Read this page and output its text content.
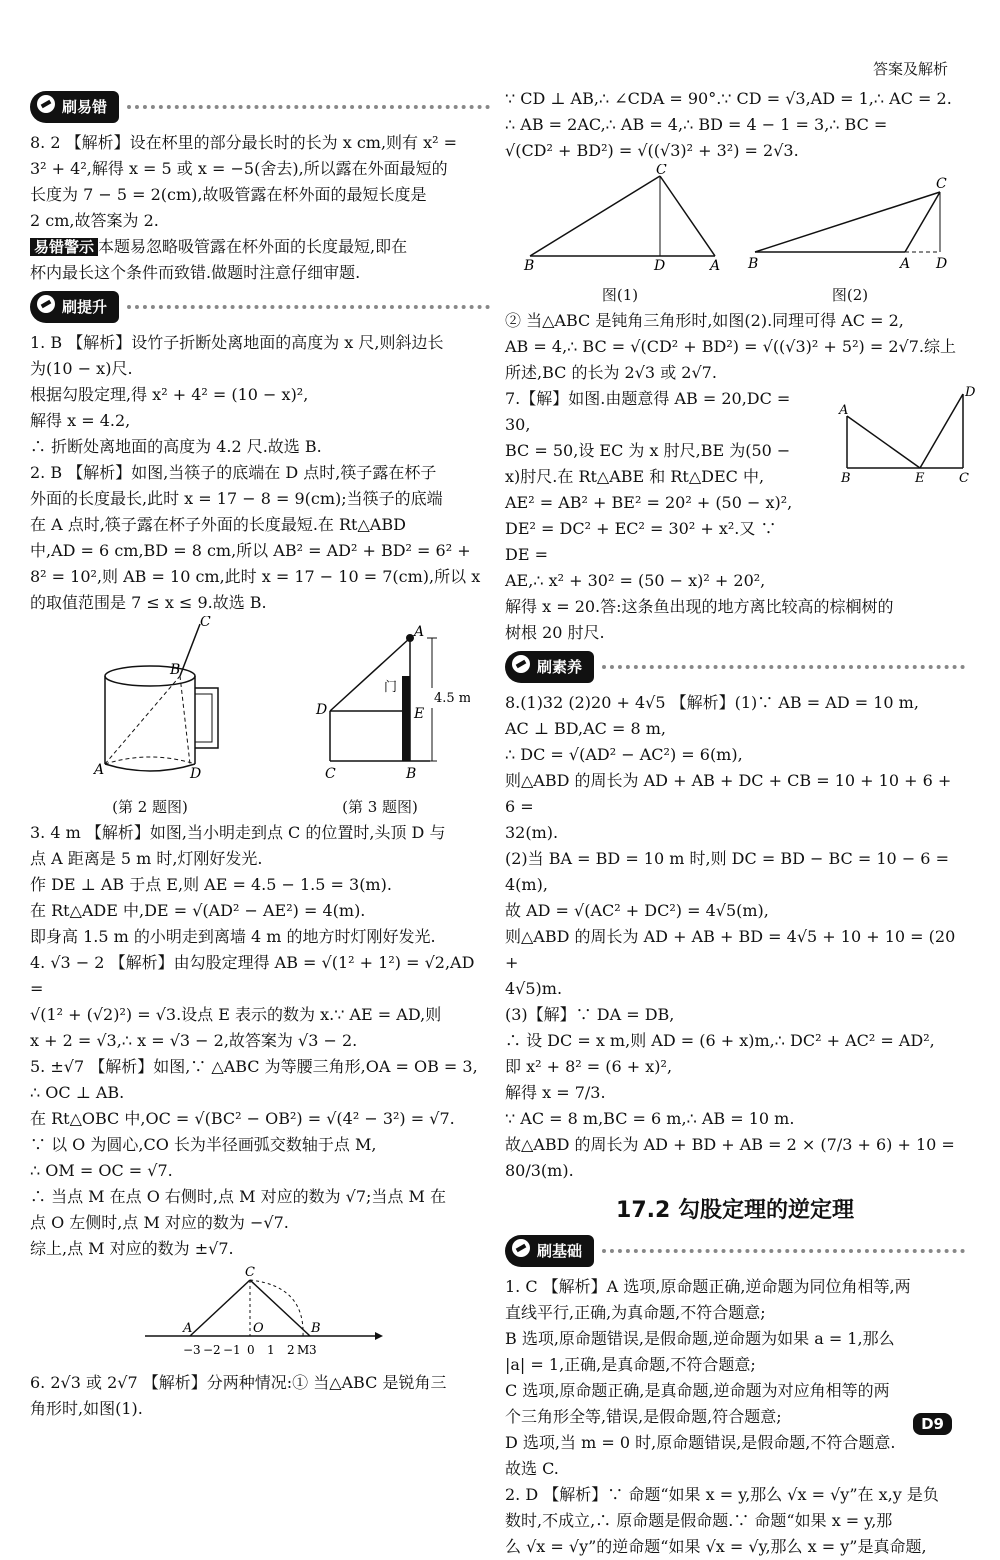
答案及解析
刷易错

8. 2 【解析】设在杯里的部分最长时的长为 x cm,则有 x² =

3² + 4²,解得 x = 5 或 x = −5(舍去),所以露在外面最短的

长度为 7 − 5 = 2(cm),故吸管露在杯外面的最短长度是

2 cm,故答案为 2.

易错警示 本题易忽略吸管露在杯外面的长度最短,即在

杯内最长这个条件而致错.做题时注意仔细审题.

刷提升

1. B 【解析】设竹子折断处离地面的高度为 x 尺,则斜边长

为(10 − x)尺.

根据勾股定理,得 x² + 4² = (10 − x)²,

解得 x = 4.2,

∴ 折断处离地面的高度为 4.2 尺.故选 B.

2. B 【解析】如图,当筷子的底端在 D 点时,筷子露在杯子

外面的长度最长,此时 x = 17 − 8 = 9(cm);当筷子的底端

在 A 点时,筷子露在杯子外面的长度最短.在 Rt△ABD

中,AD = 6 cm,BD = 8 cm,所以 AB² = AD² + BD² = 6² +

8² = 10²,则 AB = 10 cm,此时 x = 17 − 10 = 7(cm),所以 x

的取值范围是 7 ≤ x ≤ 9.故选 B.

C
B
A	D
(第 2 题图)
4.5 m
门
A
D	E
C	B
(第 3 题图)

3. 4 m 【解析】如图,当小明走到点 C 的位置时,头顶 D 与

点 A 距离是 5 m 时,灯刚好发光.

作 DE ⊥ AB 于点 E,则 AE = 4.5 − 1.5 = 3(m).

在 Rt△ADE 中,DE = √(AD² − AE²) = 4(m).

即身高 1.5 m 的小明走到离墙 4 m 的地方时灯刚好发光.

4. √3 − 2 【解析】由勾股定理得 AB = √(1² + 1²) = √2,AD =

√(1² + (√2)²) = √3.设点 E 表示的数为 x.∵ AE = AD,则

x + 2 = √3,∴ x = √3 − 2,故答案为 √3 − 2.

5. ±√7 【解析】如图,∵ △ABC 为等腰三角形,OA = OB = 3,

∴ OC ⊥ AB.

在 Rt△OBC 中,OC = √(BC² − OB²) = √(4² − 3²) = √7.

∵ 以 O 为圆心,CO 长为半径画弧交数轴于点 M,

∴ OM = OC = √7.

∴ 当点 M 在点 O 右侧时,点 M 对应的数为 √7;当点 M 在

点 O 左侧时,点 M 对应的数为 −√7.

综上,点 M 对应的数为 ±√7.

C
A	O	B
−3 −2 −1 0 1 2 M 3

6. 2√3 或 2√7 【解析】分两种情况:① 当△ABC 是锐角三

角形时,如图(1).

∵ CD ⊥ AB,∴ ∠CDA = 90°.∵ CD = √3,AD = 1,∴ AC = 2.

∴ AB = 2AC,∴ AB = 4,∴ BD = 4 − 1 = 3,∴ BC =

√(CD² + BD²) = √((√3)² + 3²) = 2√3.

C
B	D	A
图(1)
C
B	A D
图(2)

② 当△ABC 是钝角三角形时,如图(2).同理可得 AC = 2,

AB = 4,∴ BC = √(CD² + BD²) = √((√3)² + 5²) = 2√7.综上

所述,BC 的长为 2√3 或 2√7.

A
D
B	E	C

7.【解】如图.由题意得 AB = 20,DC = 30,

BC = 50,设 EC 为 x 肘尺,BE 为(50 −

x)肘尺.在 Rt△ABE 和 Rt△DEC 中,

AE² = AB² + BE² = 20² + (50 − x)²,

DE² = DC² + EC² = 30² + x².又 ∵ DE =

AE,∴ x² + 30² = (50 − x)² + 20²,

解得 x = 20.答:这条鱼出现的地方离比较高的棕榈树的

树根 20 肘尺.

刷素养

8.(1)32 (2)20 + 4√5 【解析】(1)∵ AB = AD = 10 m,

AC ⊥ BD,AC = 8 m,

∴ DC = √(AD² − AC²) = 6(m),

则△ABD 的周长为 AD + AB + DC + CB = 10 + 10 + 6 + 6 =

32(m).

(2)当 BA = BD = 10 m 时,则 DC = BD − BC = 10 − 6 = 4(m),

故 AD = √(AC² + DC²) = 4√5(m),

则△ABD 的周长为 AD + AB + BD = 4√5 + 10 + 10 = (20 +

4√5)m.

(3)【解】∵ DA = DB,

∴ 设 DC = x m,则 AD = (6 + x)m,∴ DC² + AC² = AD²,

即 x² + 8² = (6 + x)²,

解得 x = 7/3.

∵ AC = 8 m,BC = 6 m,∴ AB = 10 m.

故△ABD 的周长为 AD + BD + AB = 2 × (7/3 + 6) + 10 =

80/3(m).

17.2 勾股定理的逆定理
刷基础

1. C 【解析】A 选项,原命题正确,逆命题为同位角相等,两

直线平行,正确,为真命题,不符合题意;

B 选项,原命题错误,是假命题,逆命题为如果 a = 1,那么

|a| = 1,正确,是真命题,不符合题意;

C 选项,原命题正确,是真命题,逆命题为对应角相等的两

个三角形全等,错误,是假命题,符合题意;

D 选项,当 m = 0 时,原命题错误,是假命题,不符合题意.

故选 C.

2. D 【解析】∵ 命题“如果 x = y,那么 √x = √y”在 x,y 是负

数时,不成立,∴ 原命题是假命题.∵ 命题“如果 x = y,那

么 √x = √y”的逆命题“如果 √x = √y,那么 x = y”是真命题,

D9
